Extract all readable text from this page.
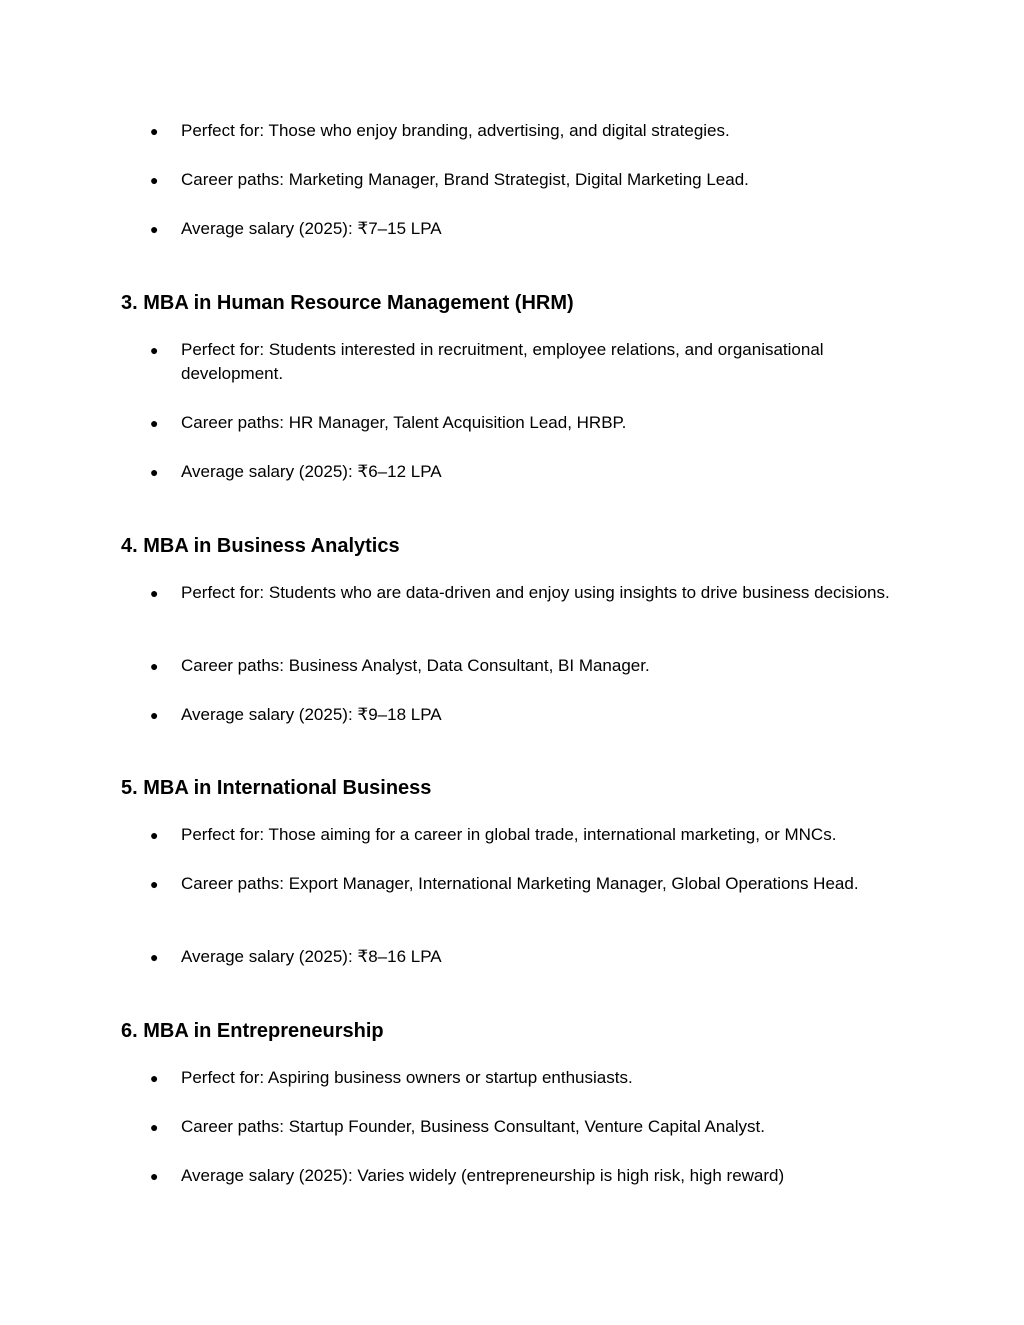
●	Perfect for: Those who enjoy branding, advertising, and digital strategies.
●	Career paths: Marketing Manager, Brand Strategist, Digital Marketing Lead.
●	Average salary (2025): ₹7–15 LPA
3. MBA in Human Resource Management (HRM)
●	Perfect for: Students interested in recruitment, employee relations, and organisational development.
●	Career paths: HR Manager, Talent Acquisition Lead, HRBP.
●	Average salary (2025): ₹6–12 LPA
4. MBA in Business Analytics
●	Perfect for: Students who are data-driven and enjoy using insights to drive business decisions.
●	Career paths: Business Analyst, Data Consultant, BI Manager.
●	Average salary (2025): ₹9–18 LPA
5. MBA in International Business
●	Perfect for: Those aiming for a career in global trade, international marketing, or MNCs.
●	Career paths: Export Manager, International Marketing Manager, Global Operations Head.
●	Average salary (2025): ₹8–16 LPA
6. MBA in Entrepreneurship
●	Perfect for: Aspiring business owners or startup enthusiasts.
●	Career paths: Startup Founder, Business Consultant, Venture Capital Analyst.
●	Average salary (2025): Varies widely (entrepreneurship is high risk, high reward)
